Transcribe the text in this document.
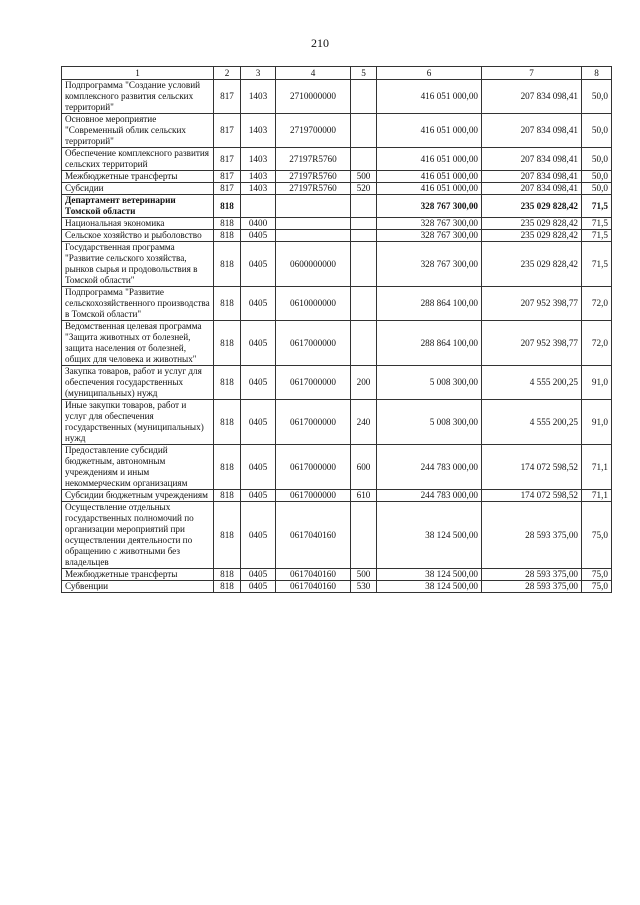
210
1	2	3	4	5	6	7	8
Подпрограмма "Создание условий комплексного развития сельских территорий"	817	1403	2710000000		416 051 000,00	207 834 098,41	50,0
Основное мероприятие "Современный облик сельских территорий"	817	1403	2719700000		416 051 000,00	207 834 098,41	50,0
Обеспечение комплексного развития сельских территорий	817	1403	27197R5760		416 051 000,00	207 834 098,41	50,0
Межбюджетные трансферты	817	1403	27197R5760	500	416 051 000,00	207 834 098,41	50,0
Субсидии	817	1403	27197R5760	520	416 051 000,00	207 834 098,41	50,0
Департамент ветеринарии Томской области	818				328 767 300,00	235 029 828,42	71,5
Национальная экономика	818	0400			328 767 300,00	235 029 828,42	71,5
Сельское хозяйство и рыболовство	818	0405			328 767 300,00	235 029 828,42	71,5
Государственная программа "Развитие сельского хозяйства, рынков сырья и продовольствия в Томской области"	818	0405	0600000000		328 767 300,00	235 029 828,42	71,5
Подпрограмма "Развитие сельскохозяйственного производства в Томской области"	818	0405	0610000000		288 864 100,00	207 952 398,77	72,0
Ведомственная целевая программа "Защита животных от болезней, защита населения от болезней, общих для человека и животных"	818	0405	0617000000		288 864 100,00	207 952 398,77	72,0
Закупка товаров, работ и услуг для обеспечения государственных (муниципальных) нужд	818	0405	0617000000	200	5 008 300,00	4 555 200,25	91,0
Иные закупки товаров, работ и услуг для обеспечения государственных (муниципальных) нужд	818	0405	0617000000	240	5 008 300,00	4 555 200,25	91,0
Предоставление субсидий бюджетным, автономным учреждениям и иным некоммерческим организациям	818	0405	0617000000	600	244 783 000,00	174 072 598,52	71,1
Субсидии бюджетным учреждениям	818	0405	0617000000	610	244 783 000,00	174 072 598,52	71,1
Осуществление отдельных государственных полномочий по организации мероприятий при осуществлении деятельности по обращению с животными без владельцев	818	0405	0617040160		38 124 500,00	28 593 375,00	75,0
Межбюджетные трансферты	818	0405	0617040160	500	38 124 500,00	28 593 375,00	75,0
Субвенции	818	0405	0617040160	530	38 124 500,00	28 593 375,00	75,0
